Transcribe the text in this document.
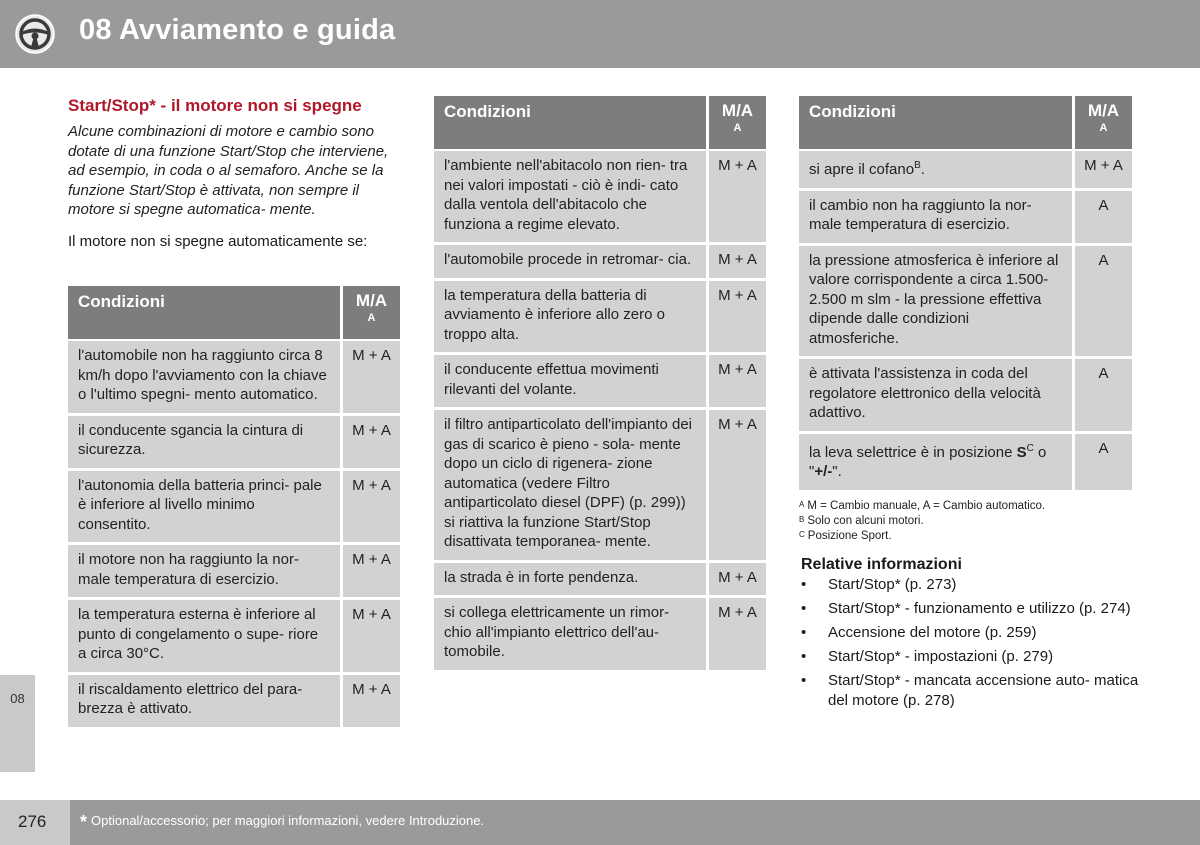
08 Avviamento e guida
Start/Stop* - il motore non si spegne
Alcune combinazioni di motore e cambio sono dotate di una funzione Start/Stop che interviene, ad esempio, in coda o al semaforo. Anche se la funzione Start/Stop è attivata, non sempre il motore si spegne automatica- mente.
Il motore non si spegne automaticamente se:
Condizioni	M/A
A

l'automobile non ha raggiunto circa 8 km/h dopo l'avviamento con la chiave o l'ultimo spegni- mento automatico.	M + A
il conducente sgancia la cintura di sicurezza.	M + A
l'autonomia della batteria princi- pale è inferiore al livello minimo consentito.	M + A
il motore non ha raggiunto la nor- male temperatura di esercizio.	M + A
la temperatura esterna è inferiore al punto di congelamento o supe- riore a circa 30°C.	M + A
il riscaldamento elettrico del para- brezza è attivato.	M + A
Condizioni	M/A
A

l'ambiente nell'abitacolo non rien- tra nei valori impostati - ciò è indi- cato dalla ventola dell'abitacolo che funziona a regime elevato.	M + A
l'automobile procede in retromar- cia.	M + A
la temperatura della batteria di avviamento è inferiore allo zero o troppo alta.	M + A
il conducente effettua movimenti rilevanti del volante.	M + A
il filtro antiparticolato dell'impianto dei gas di scarico è pieno - sola- mente dopo un ciclo di rigenera- zione automatica (vedere Filtro antiparticolato diesel (DPF) (p. 299)) si riattiva la funzione Start/Stop disattivata temporanea- mente.	M + A
la strada è in forte pendenza.	M + A
si collega elettricamente un rimor- chio all'impianto elettrico dell'au- tomobile.	M + A
Condizioni	M/A
A

si apre il cofano$^B$.	M + A
il cambio non ha raggiunto la nor- male temperatura di esercizio.	A
la pressione atmosferica è inferiore al valore corrispondente a circa 1.500-2.500 m slm - la pressione effettiva dipende dalle condizioni atmosferiche.	A
è attivata l'assistenza in coda del regolatore elettronico della velocità adattivo.	A
la leva selettrice è in posizione $S^C$ o "+/-".	A
$^A$ M = Cambio manuale, A = Cambio automatico.
$^B$ Solo con alcuni motori.
$^C$ Posizione Sport.
Relative informazioni
• Start/Stop* (p. 273)
• Start/Stop* - funzionamento e utilizzo (p. 274)
• Accensione del motore (p. 259)
• Start/Stop* - impostazioni (p. 279)
• Start/Stop* - mancata accensione auto- matica del motore (p. 278)
08
276 * Optional/accessorio; per maggiori informazioni, vedere Introduzione.
